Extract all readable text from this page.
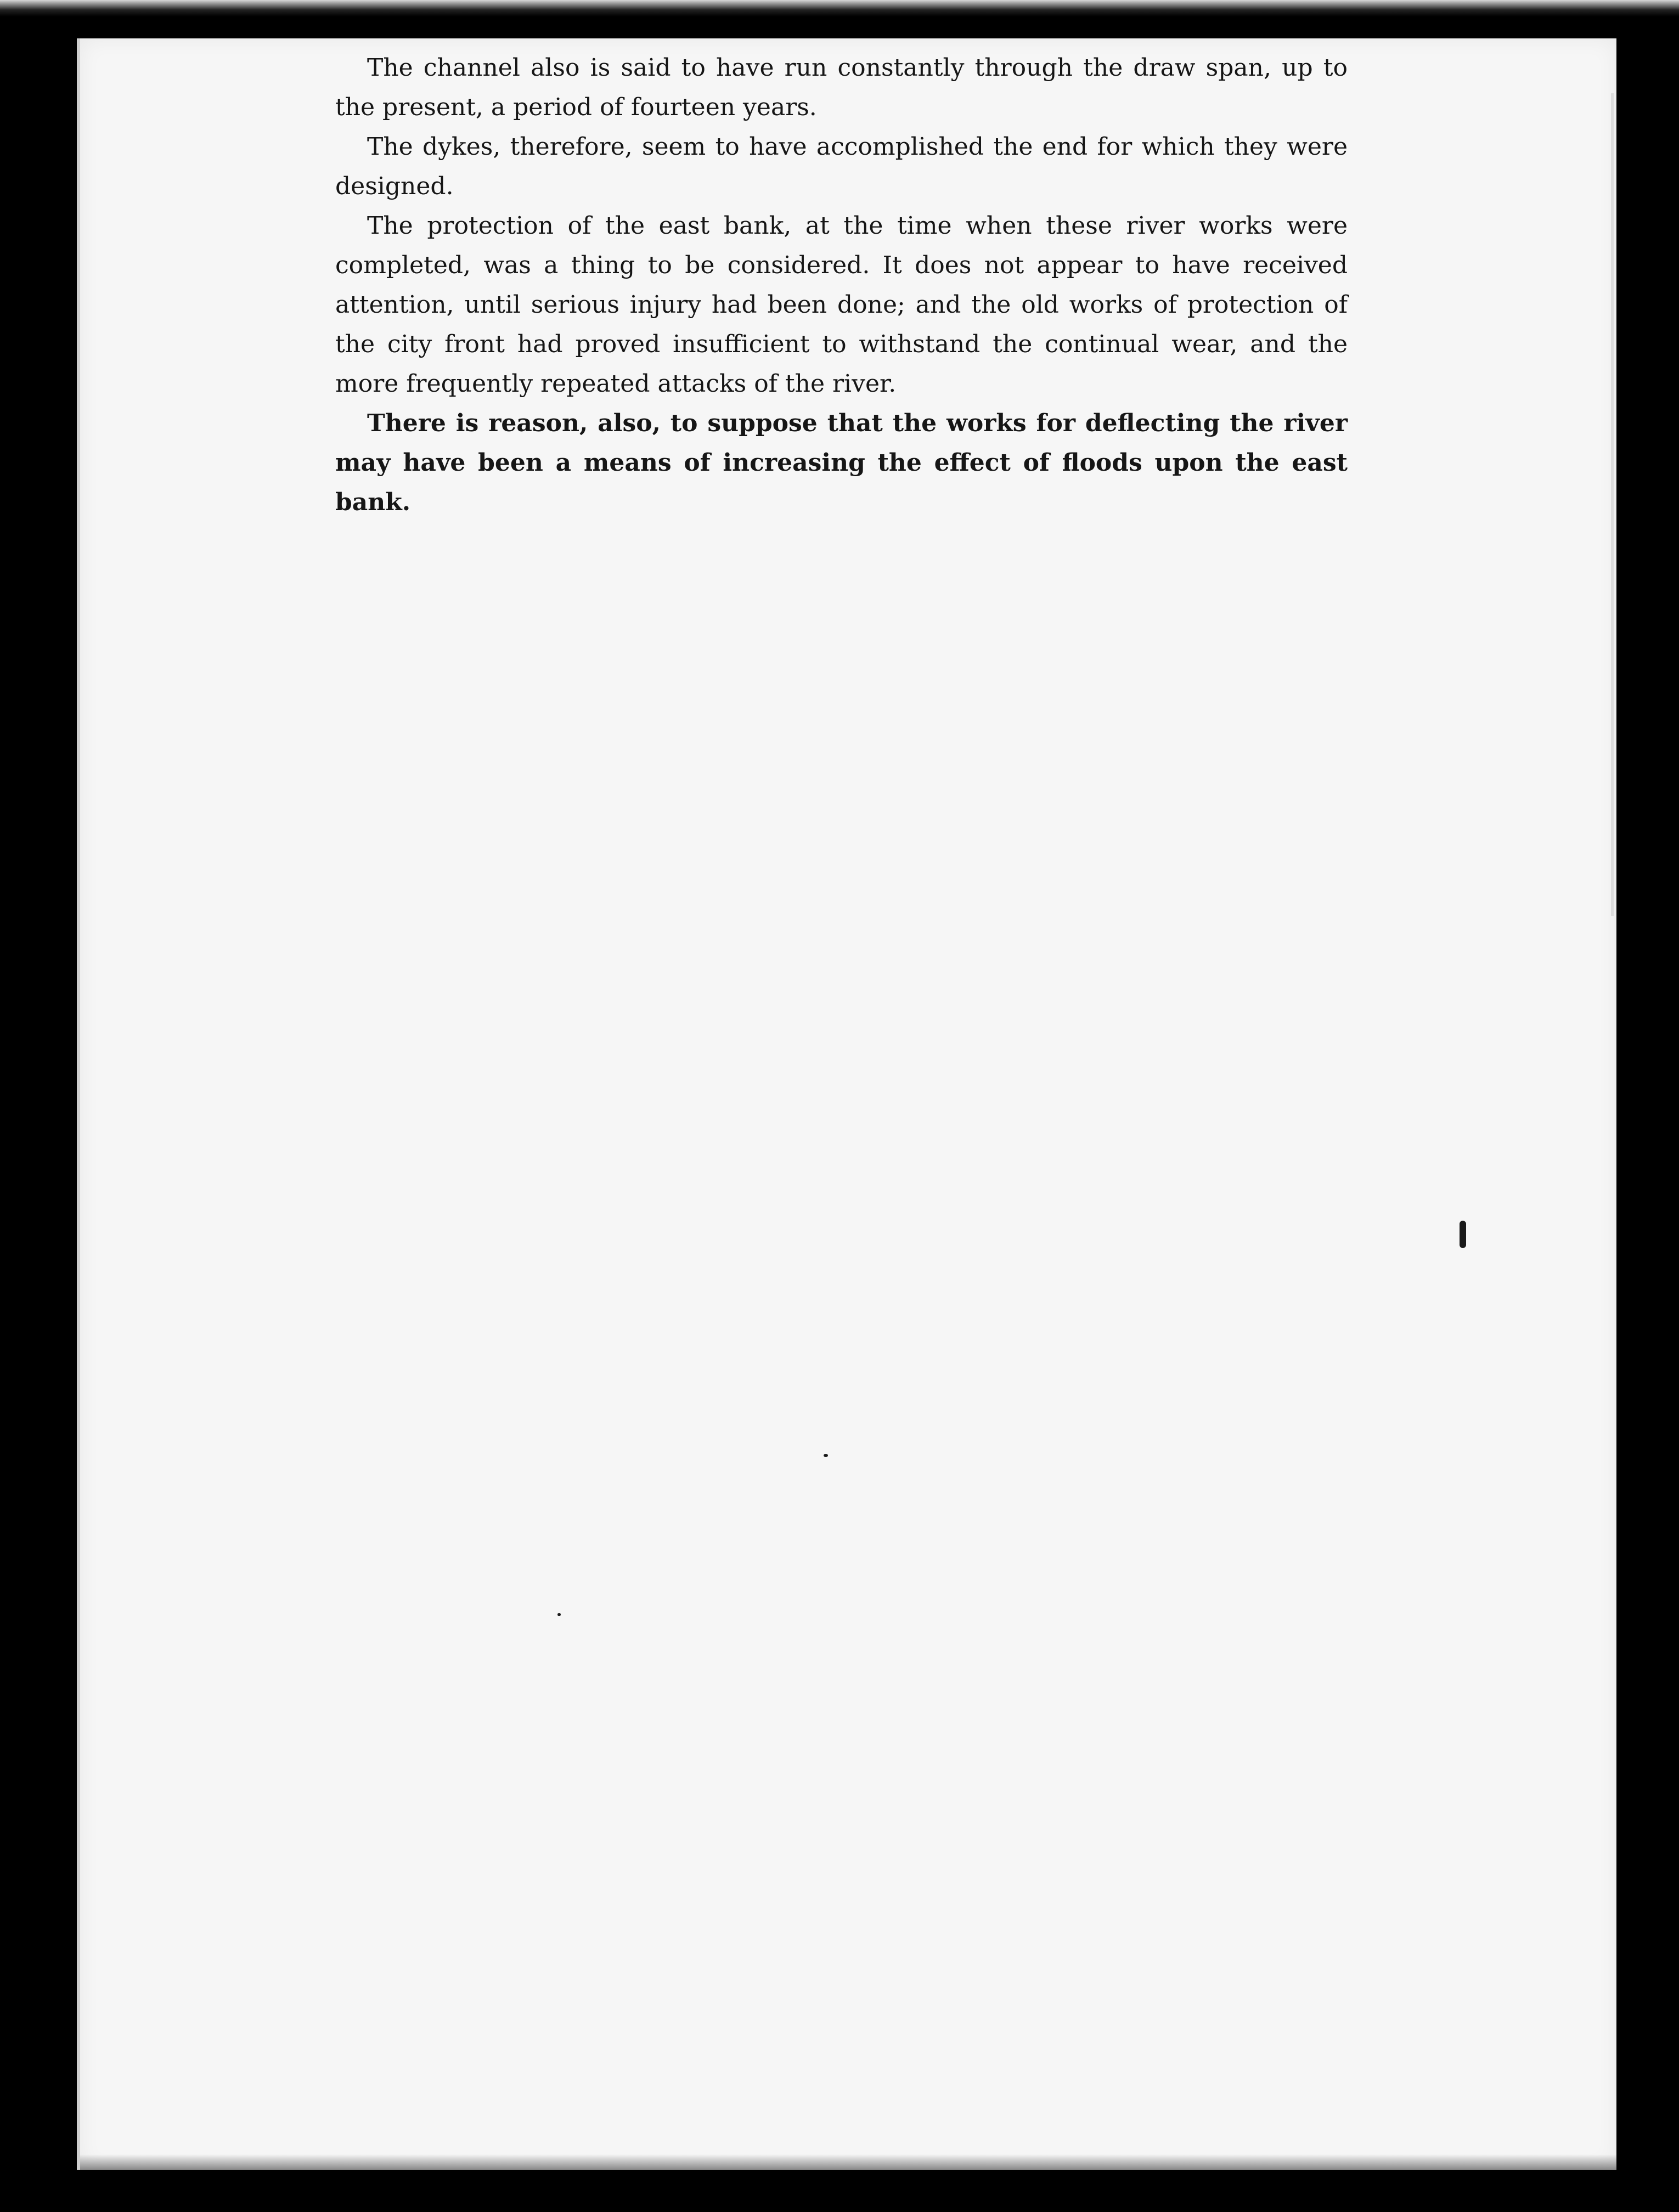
The channel also is said to have run constantly through the draw span, up to the present, a period of fourteen years.

The dykes, therefore, seem to have accomplished the end for which they were designed.

The protection of the east bank, at the time when these river works were completed, was a thing to be considered. It does not appear to have received attention, until serious injury had been done; and the old works of protection of the city front had proved insufficient to withstand the continual wear, and the more frequently repeated attacks of the river.

There is reason, also, to suppose that the works for deflecting the river may have been a means of increasing the effect of floods upon the east bank.
